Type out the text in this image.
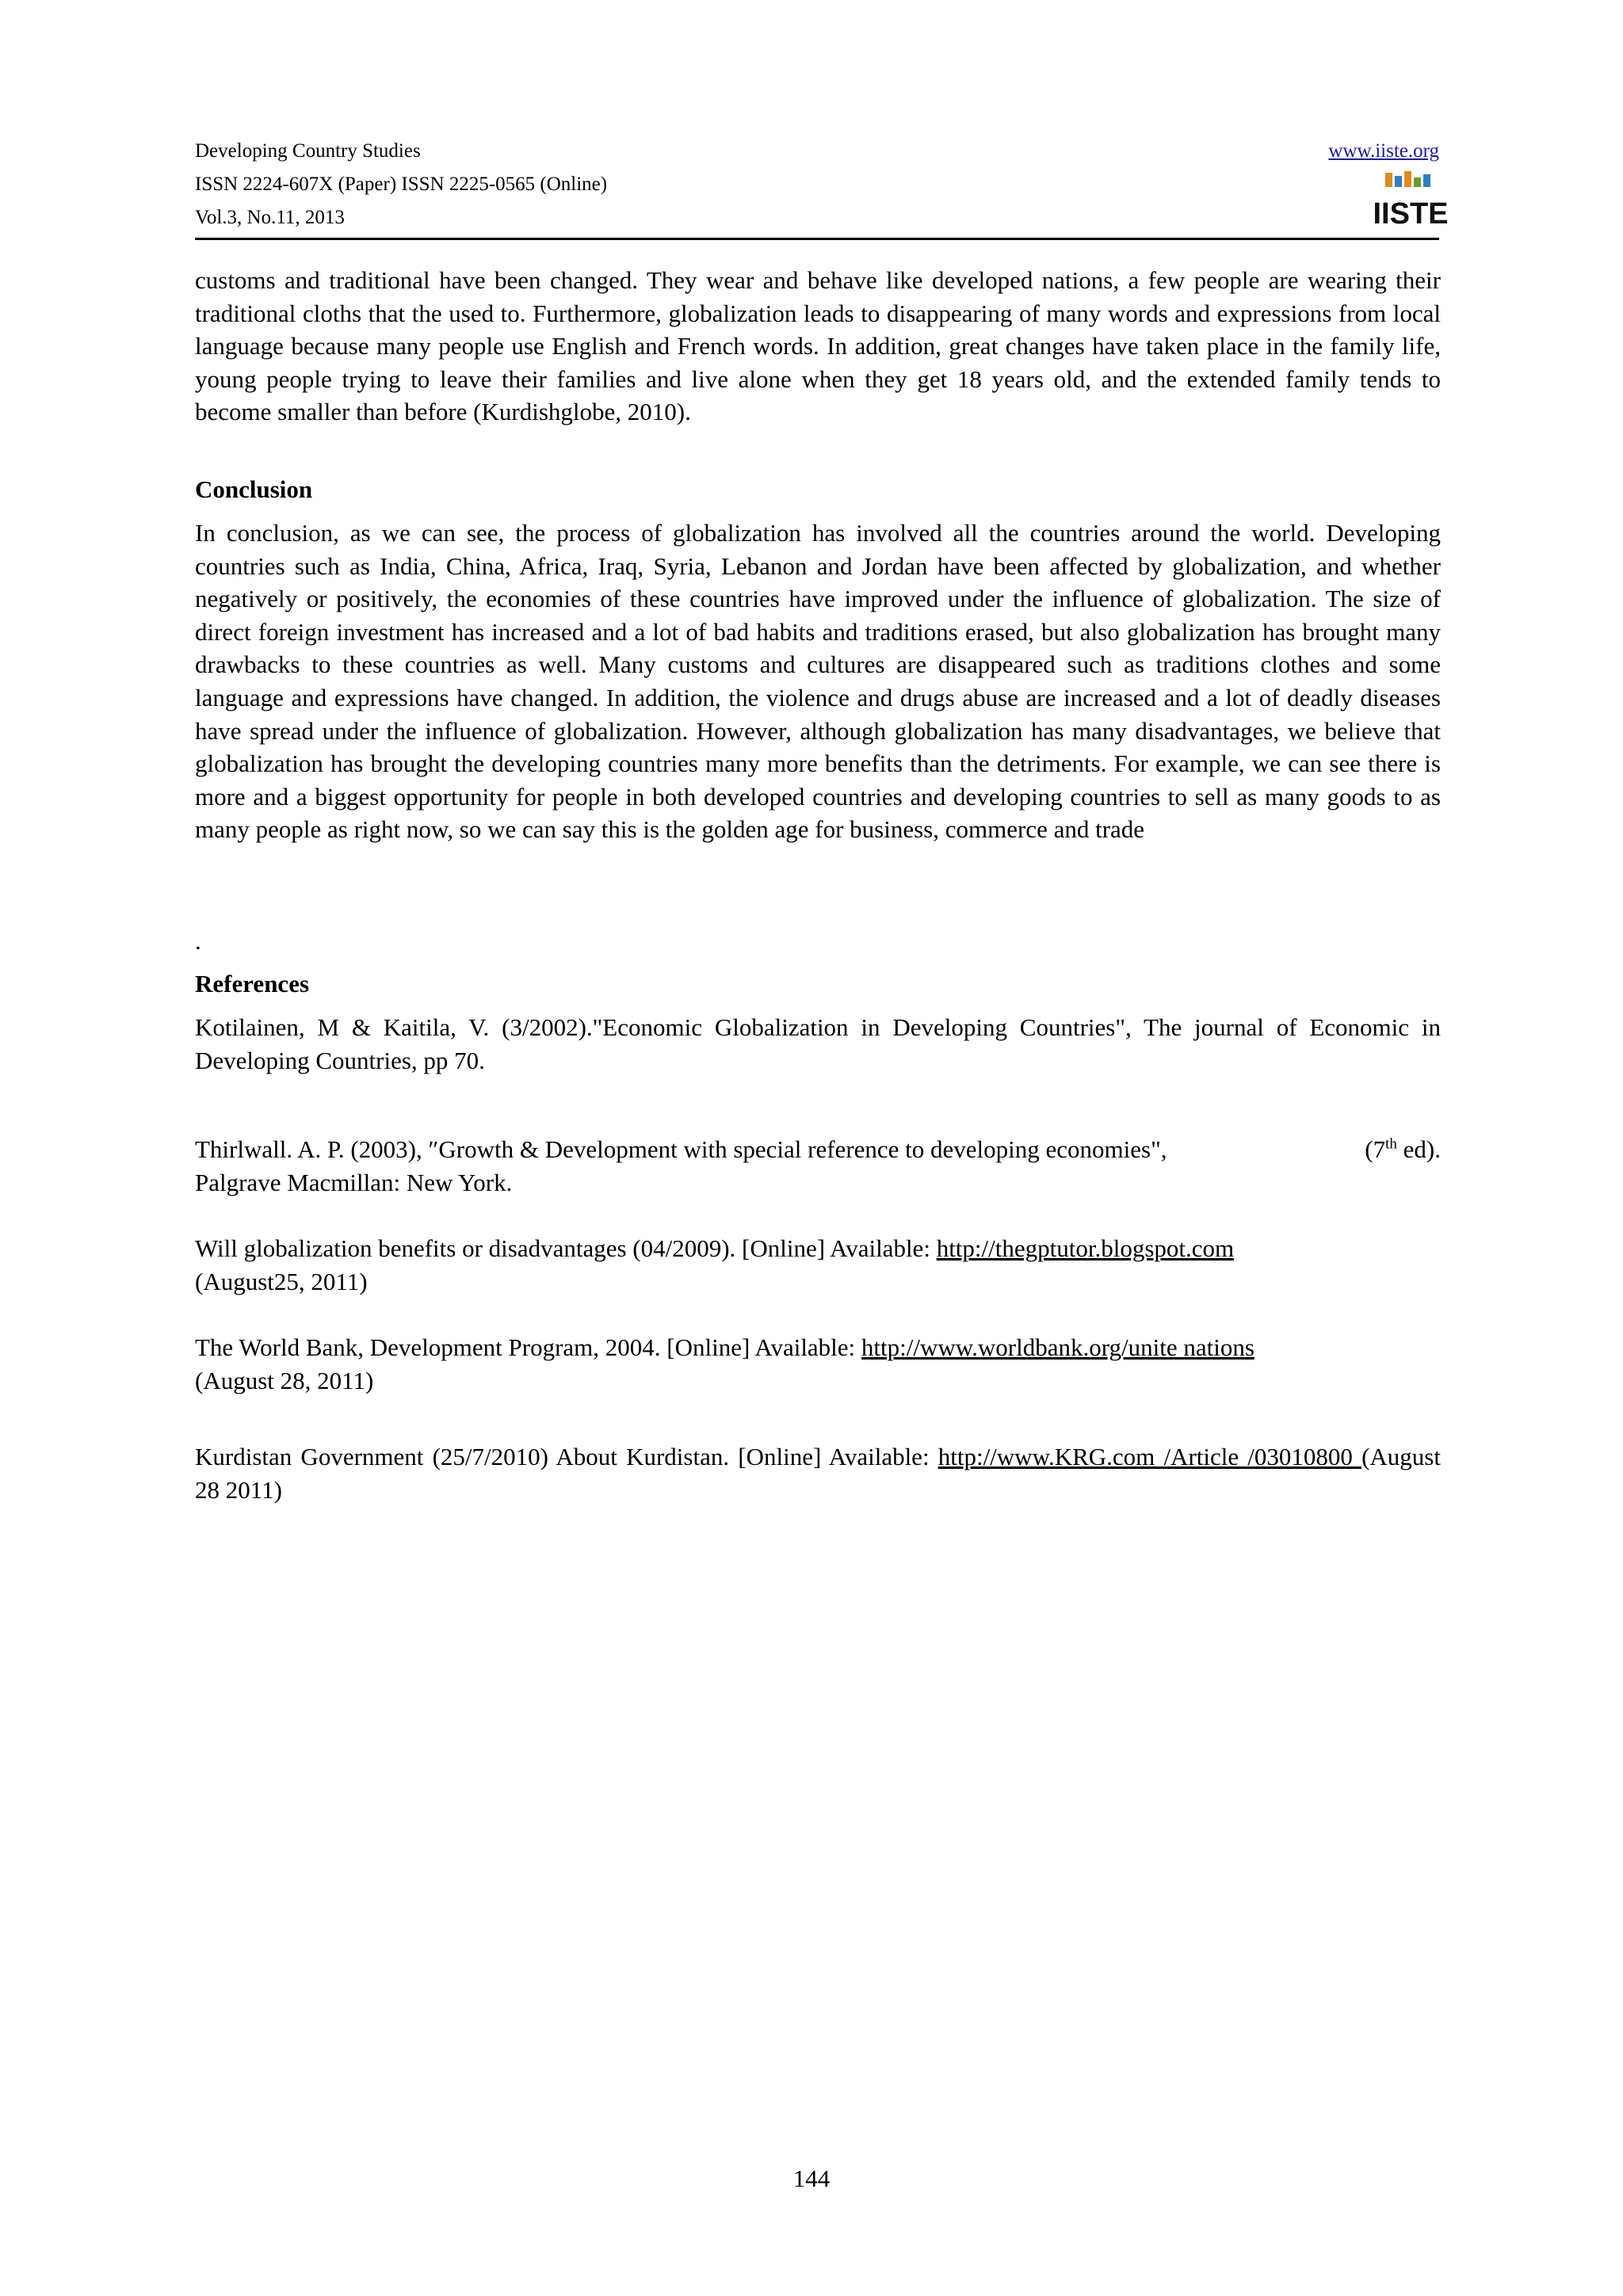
Developing Country Studies
ISSN 2224-607X (Paper) ISSN 2225-0565 (Online)
Vol.3, No.11, 2013
www.iiste.org
IISTE
customs and traditional have been changed. They wear and behave like developed nations, a few people are wearing their traditional cloths that the used to. Furthermore, globalization leads to disappearing of many words and expressions from local language because many people use English and French words. In addition, great changes have taken place in the family life, young people trying to leave their families and live alone when they get 18 years old, and the extended family tends to become smaller than before (Kurdishglobe, 2010).
Conclusion
In conclusion, as we can see, the process of globalization has involved all the countries around the world. Developing countries such as India, China, Africa, Iraq, Syria, Lebanon and Jordan have been affected by globalization, and whether negatively or positively, the economies of these countries have improved under the influence of globalization. The size of direct foreign investment has increased and a lot of bad habits and traditions erased, but also globalization has brought many drawbacks to these countries as well. Many customs and cultures are disappeared such as traditions clothes and some language and expressions have changed. In addition, the violence and drugs abuse are increased and a lot of deadly diseases have spread under the influence of globalization. However, although globalization has many disadvantages, we believe that globalization has brought the developing countries many more benefits than the detriments. For example, we can see there is more and a biggest opportunity for people in both developed countries and developing countries to sell as many goods to as many people as right now, so we can say this is the golden age for business, commerce and trade
.
References
Kotilainen, M & Kaitila, V. (3/2002)."Economic Globalization in Developing Countries", The journal of Economic in Developing Countries, pp 70.
(7th ed).
Thirlwall. A. P. (2003), ″Growth & Development with special reference to developing economies",
Palgrave Macmillan: New York.
Will globalization benefits or disadvantages (04/2009). [Online] Available: http://thegptutor.blogspot.com
(August25, 2011)
The World Bank, Development Program, 2004. [Online] Available: http://www.worldbank.org/unite nations
(August 28, 2011)
Kurdistan Government (25/7/2010) About Kurdistan. [Online] Available: http://www.KRG.com /Article /03010800 (August 28 2011)
144
